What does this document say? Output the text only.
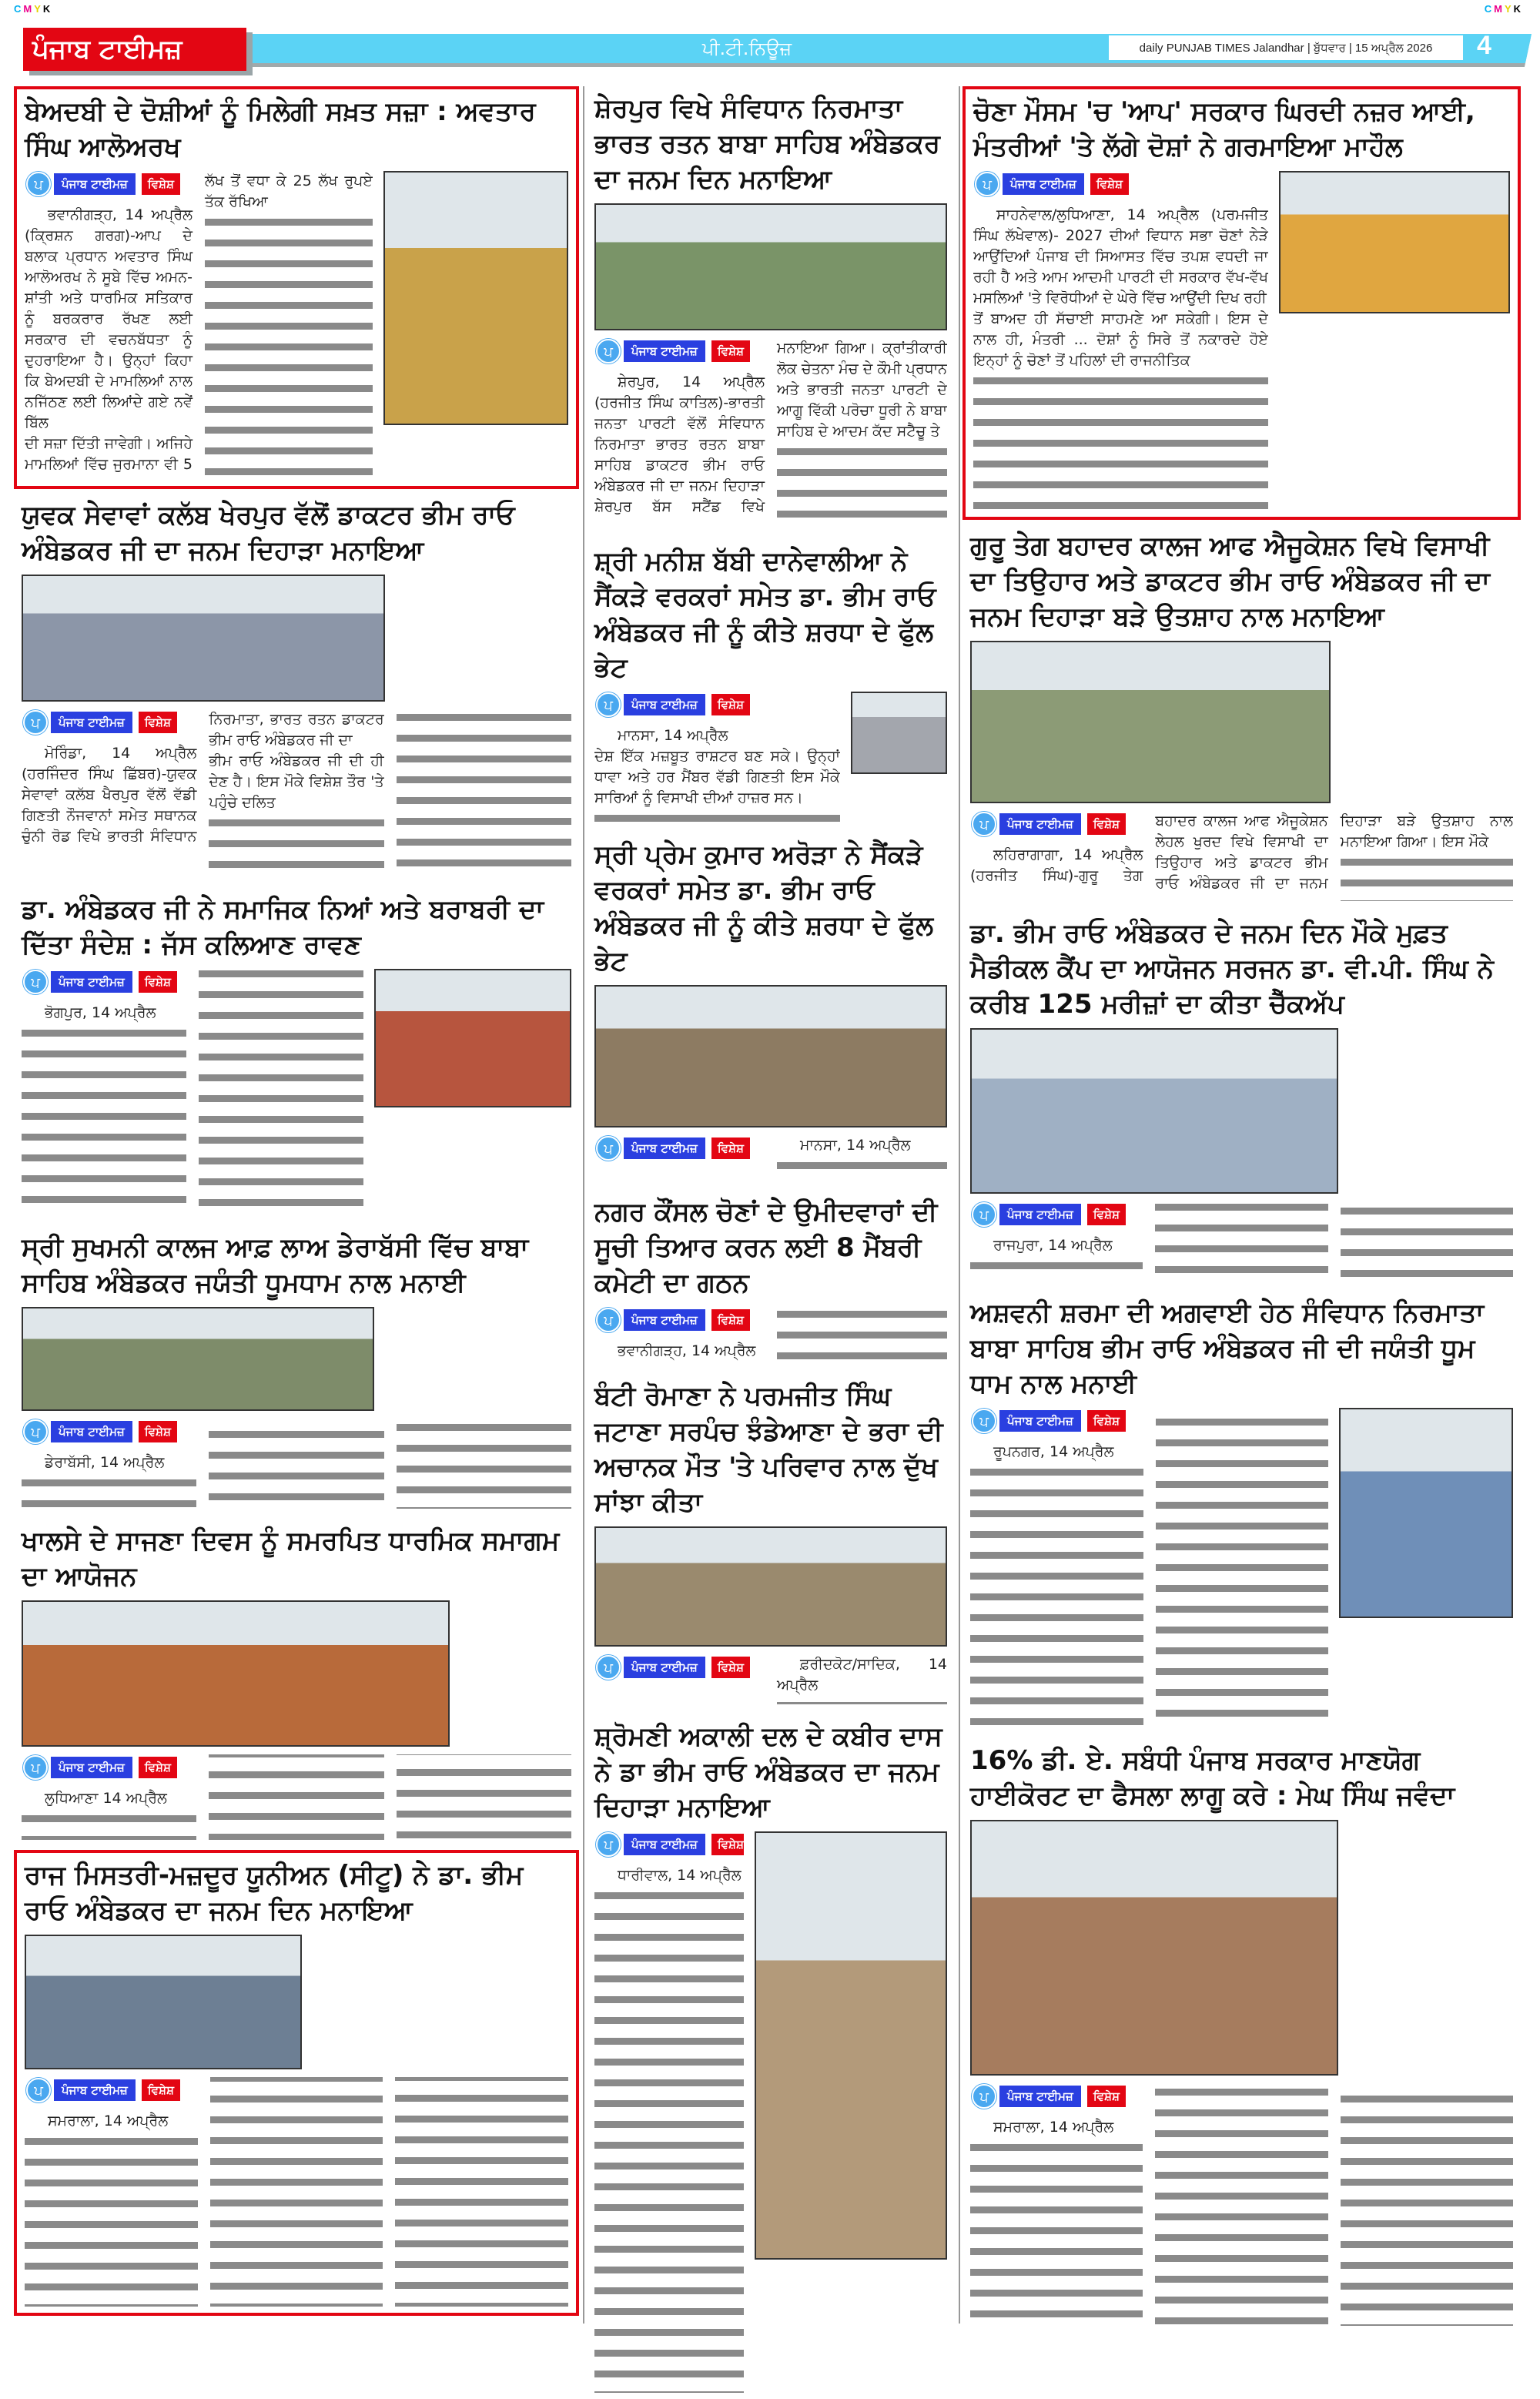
CMYK	CMYK
ਪੰਜਾਬ ਟਾਈਮਜ਼	ਪੀ.ਟੀ.ਨਿਊਜ਼	daily PUNJAB TIMES Jalandhar | ਬੁੱਧਵਾਰ | 15 ਅਪ੍ਰੈਲ 2026	4
ਬੇਅਦਬੀ ਦੇ ਦੋਸ਼ੀਆਂ ਨੂੰ ਮਿਲੇਗੀ ਸਖ਼ਤ ਸਜ਼ਾ : ਅਵਤਾਰ ਸਿੰਘ ਆਲੋਅਰਖ
ਪ	ਪੰਜਾਬ ਟਾਈਮਜ਼	ਵਿਸ਼ੇਸ਼

ਭਵਾਨੀਗੜ੍ਹ, 14 ਅਪ੍ਰੈਲ (ਕ੍ਰਿਸ਼ਨ ਗਰਗ)-ਆਪ ਦੇ ਬਲਾਕ ਪ੍ਰਧਾਨ ਅਵਤਾਰ ਸਿੰਘ ਆਲੋਅਰਖ ਨੇ ਸੂਬੇ ਵਿੱਚ ਅਮਨ-ਸ਼ਾਂਤੀ ਅਤੇ ਧਾਰਮਿਕ ਸਤਿਕਾਰ ਨੂੰ ਬਰਕਰਾਰ ਰੱਖਣ ਲਈ ਸਰਕਾਰ ਦੀ ਵਚਨਬੱਧਤਾ ਨੂੰ ਦੁਹਰਾਇਆ ਹੈ। ਉਨ੍ਹਾਂ ਕਿਹਾ ਕਿ ਬੇਅਦਬੀ ਦੇ ਮਾਮਲਿਆਂ ਨਾਲ ਨਜਿੱਠਣ ਲਈ ਲਿਆਂਦੇ ਗਏ ਨਵੇਂ ਬਿੱਲ

ਦੀ ਸਜ਼ਾ ਦਿੱਤੀ ਜਾਵੇਗੀ। ਅਜਿਹੇ ਮਾਮਲਿਆਂ ਵਿੱਚ ਜੁਰਮਾਨਾ ਵੀ 5 ਲੱਖ ਤੋਂ ਵਧਾ ਕੇ 25 ਲੱਖ ਰੁਪਏ ਤੱਕ ਰੱਖਿਆ

ਯੁਵਕ ਸੇਵਾਵਾਂ ਕਲੱਬ ਖੇਰਪੁਰ ਵੱਲੋਂ ਡਾਕਟਰ ਭੀਮ ਰਾਓ ਅੰਬੇਡਕਰ ਜੀ ਦਾ ਜਨਮ ਦਿਹਾੜਾ ਮਨਾਇਆ
ਪ	ਪੰਜਾਬ ਟਾਈਮਜ਼	ਵਿਸ਼ੇਸ਼

ਮੋਰਿੰਡਾ, 14 ਅਪ੍ਰੈਲ (ਹਰਜਿੰਦਰ ਸਿੰਘ ਛਿੱਬਰ)-ਯੁਵਕ ਸੇਵਾਵਾਂ ਕਲੱਬ ਖੈਰਪੁਰ ਵੱਲੋਂ ਵੱਡੀ ਗਿਣਤੀ ਨੌਜਵਾਨਾਂ ਸਮੇਤ ਸਥਾਨਕ ਚੁੰਨੀ ਰੋਡ ਵਿਖੇ ਭਾਰਤੀ ਸੰਵਿਧਾਨ ਨਿਰਮਾਤਾ, ਭਾਰਤ ਰਤਨ ਡਾਕਟਰ ਭੀਮ ਰਾਓ ਅੰਬੇਡਕਰ ਜੀ ਦਾ

ਭੀਮ ਰਾਓ ਅੰਬੇਡਕਰ ਜੀ ਦੀ ਹੀ ਦੇਣ ਹੈ। ਇਸ ਮੌਕੇ ਵਿਸ਼ੇਸ਼ ਤੌਰ 'ਤੇ ਪਹੁੰਚੇ ਦਲਿਤ

ਡਾ. ਅੰਬੇਡਕਰ ਜੀ ਨੇ ਸਮਾਜਿਕ ਨਿਆਂ ਅਤੇ ਬਰਾਬਰੀ ਦਾ ਦਿੱਤਾ ਸੰਦੇਸ਼ : ਜੱਸ ਕਲਿਆਣ ਰਾਵਣ
ਪ	ਪੰਜਾਬ ਟਾਈਮਜ਼	ਵਿਸ਼ੇਸ਼

ਭੋਗਪੁਰ, 14 ਅਪ੍ਰੈਲ

ਸ੍ਰੀ ਸੁਖਮਨੀ ਕਾਲਜ ਆਫ਼ ਲਾਅ ਡੇਰਾਬੱਸੀ ਵਿੱਚ ਬਾਬਾ ਸਾਹਿਬ ਅੰਬੇਡਕਰ ਜਯੰਤੀ ਧੂਮਧਾਮ ਨਾਲ ਮਨਾਈ
ਪ	ਪੰਜਾਬ ਟਾਈਮਜ਼	ਵਿਸ਼ੇਸ਼

ਡੇਰਾਬੱਸੀ, 14 ਅਪ੍ਰੈਲ

ਖਾਲਸੇ ਦੇ ਸਾਜਣਾ ਦਿਵਸ ਨੂੰ ਸਮਰਪਿਤ ਧਾਰਮਿਕ ਸਮਾਗਮ ਦਾ ਆਯੋਜਨ
ਪ	ਪੰਜਾਬ ਟਾਈਮਜ਼	ਵਿਸ਼ੇਸ਼

ਲੁਧਿਆਣਾ 14 ਅਪ੍ਰੈਲ

ਰਾਜ ਮਿਸਤਰੀ-ਮਜ਼ਦੂਰ ਯੂਨੀਅਨ (ਸੀਟੂ) ਨੇ ਡਾ. ਭੀਮ ਰਾਓ ਅੰਬੇਡਕਰ ਦਾ ਜਨਮ ਦਿਨ ਮਨਾਇਆ
ਪ	ਪੰਜਾਬ ਟਾਈਮਜ਼	ਵਿਸ਼ੇਸ਼

ਸਮਰਾਲਾ, 14 ਅਪ੍ਰੈਲ

ਸ਼ੇਰਪੁਰ ਵਿਖੇ ਸੰਵਿਧਾਨ ਨਿਰਮਾਤਾ ਭਾਰਤ ਰਤਨ ਬਾਬਾ ਸਾਹਿਬ ਅੰਬੇਡਕਰ ਦਾ ਜਨਮ ਦਿਨ ਮਨਾਇਆ
ਪ	ਪੰਜਾਬ ਟਾਈਮਜ਼	ਵਿਸ਼ੇਸ਼

ਸ਼ੇਰਪੁਰ, 14 ਅਪ੍ਰੈਲ (ਹਰਜੀਤ ਸਿੰਘ ਕਾਤਿਲ)-ਭਾਰਤੀ ਜਨਤਾ ਪਾਰਟੀ ਵੱਲੋਂ ਸੰਵਿਧਾਨ ਨਿਰਮਾਤਾ ਭਾਰਤ ਰਤਨ ਬਾਬਾ ਸਾਹਿਬ ਡਾਕਟਰ ਭੀਮ ਰਾਓ ਅੰਬੇਡਕਰ ਜੀ ਦਾ ਜਨਮ ਦਿਹਾੜਾ ਸ਼ੇਰਪੁਰ ਬੱਸ ਸਟੈਂਡ ਵਿਖੇ ਮਨਾਇਆ ਗਿਆ। ਕ੍ਰਾਂਤੀਕਾਰੀ ਲੋਕ ਚੇਤਨਾ ਮੰਚ ਦੇ ਕੌਮੀ ਪ੍ਰਧਾਨ ਅਤੇ ਭਾਰਤੀ ਜਨਤਾ ਪਾਰਟੀ ਦੇ ਆਗੂ ਵਿੱਕੀ ਪਰੋਚਾ ਧੂਰੀ ਨੇ ਬਾਬਾ ਸਾਹਿਬ ਦੇ ਆਦਮ ਕੱਦ ਸਟੈਚੂ ਤੇ

ਸ਼੍ਰੀ ਮਨੀਸ਼ ਬੱਬੀ ਦਾਨੇਵਾਲੀਆ ਨੇ ਸੈਂਕੜੇ ਵਰਕਰਾਂ ਸਮੇਤ ਡਾ. ਭੀਮ ਰਾਓ ਅੰਬੇਡਕਰ ਜੀ ਨੂੰ ਕੀਤੇ ਸ਼ਰਧਾ ਦੇ ਫੁੱਲ ਭੇਟ
ਪ	ਪੰਜਾਬ ਟਾਈਮਜ਼	ਵਿਸ਼ੇਸ਼

ਮਾਨਸਾ, 14 ਅਪ੍ਰੈਲ

ਦੇਸ਼ ਇੱਕ ਮਜ਼ਬੂਤ ਰਾਸ਼ਟਰ ਬਣ ਸਕੇ। ਉਨ੍ਹਾਂ ਧਾਵਾ ਅਤੇ ਹਰ ਮੈਂਬਰ ਵੱਡੀ ਗਿਣਤੀ ਇਸ ਮੌਕੇ ਸਾਰਿਆਂ ਨੂੰ ਵਿਸਾਖੀ ਦੀਆਂ ਹਾਜ਼ਰ ਸਨ।

ਸ੍ਰੀ ਪ੍ਰੇਮ ਕੁਮਾਰ ਅਰੋੜਾ ਨੇ ਸੈਂਕੜੇ ਵਰਕਰਾਂ ਸਮੇਤ ਡਾ. ਭੀਮ ਰਾਓ ਅੰਬੇਡਕਰ ਜੀ ਨੂੰ ਕੀਤੇ ਸ਼ਰਧਾ ਦੇ ਫੁੱਲ ਭੇਟ
ਪ	ਪੰਜਾਬ ਟਾਈਮਜ਼	ਵਿਸ਼ੇਸ਼	ਮਾਨਸਾ, 14 ਅਪ੍ਰੈਲ

ਨਗਰ ਕੌਂਸਲ ਚੋਣਾਂ ਦੇ ਉਮੀਦਵਾਰਾਂ ਦੀ ਸੂਚੀ ਤਿਆਰ ਕਰਨ ਲਈ 8 ਮੈਂਬਰੀ ਕਮੇਟੀ ਦਾ ਗਠਨ
ਪ	ਪੰਜਾਬ ਟਾਈਮਜ਼	ਵਿਸ਼ੇਸ਼

ਭਵਾਨੀਗੜ੍ਹ, 14 ਅਪ੍ਰੈਲ

ਬੰਟੀ ਰੋਮਾਣਾ ਨੇ ਪਰਮਜੀਤ ਸਿੰਘ ਜਟਾਣਾ ਸਰਪੰਚ ਝੰਡੇਆਣਾ ਦੇ ਭਰਾ ਦੀ ਅਚਾਨਕ ਮੌਤ 'ਤੇ ਪਰਿਵਾਰ ਨਾਲ ਦੁੱਖ ਸਾਂਝਾ ਕੀਤਾ
ਪ	ਪੰਜਾਬ ਟਾਈਮਜ਼	ਵਿਸ਼ੇਸ਼	ਫ਼ਰੀਦਕੋਟ/ਸਾਦਿਕ, 14 ਅਪ੍ਰੈਲ

ਸ਼੍ਰੋਮਣੀ ਅਕਾਲੀ ਦਲ ਦੇ ਕਬੀਰ ਦਾਸ ਨੇ ਡਾ ਭੀਮ ਰਾਓ ਅੰਬੇਡਕਰ ਦਾ ਜਨਮ ਦਿਹਾੜਾ ਮਨਾਇਆ
ਪ	ਪੰਜਾਬ ਟਾਈਮਜ਼	ਵਿਸ਼ੇਸ਼

ਧਾਰੀਵਾਲ, 14 ਅਪ੍ਰੈਲ

ਚੋਣਾ ਮੌਸਮ 'ਚ 'ਆਪ' ਸਰਕਾਰ ਘਿਰਦੀ ਨਜ਼ਰ ਆਈ, ਮੰਤਰੀਆਂ 'ਤੇ ਲੱਗੇ ਦੋਸ਼ਾਂ ਨੇ ਗਰਮਾਇਆ ਮਾਹੌਲ
ਪ	ਪੰਜਾਬ ਟਾਈਮਜ਼	ਵਿਸ਼ੇਸ਼

ਸਾਹਨੇਵਾਲ/ਲੁਧਿਆਣਾ, 14 ਅਪ੍ਰੈਲ (ਪਰਮਜੀਤ ਸਿੰਘ ਲੱਖੇਵਾਲ)- 2027 ਦੀਆਂ ਵਿਧਾਨ ਸਭਾ ਚੋਣਾਂ ਨੇੜੇ ਆਉਂਦਿਆਂ ਪੰਜਾਬ ਦੀ ਸਿਆਸਤ ਵਿੱਚ ਤਪਸ਼ ਵਧਦੀ ਜਾ ਰਹੀ ਹੈ ਅਤੇ ਆਮ ਆਦਮੀ ਪਾਰਟੀ ਦੀ ਸਰਕਾਰ ਵੱਖ-ਵੱਖ ਮਸਲਿਆਂ 'ਤੇ ਵਿਰੋਧੀਆਂ ਦੇ ਘੇਰੇ ਵਿੱਚ ਆਉਂਦੀ ਦਿਖ ਰਹੀ

ਤੋਂ ਬਾਅਦ ਹੀ ਸੱਚਾਈ ਸਾਹਮਣੇ ਆ ਸਕੇਗੀ। ਇਸ ਦੇ ਨਾਲ ਹੀ, ਮੰਤਰੀ ... ਦੋਸ਼ਾਂ ਨੂੰ ਸਿਰੇ ਤੋਂ ਨਕਾਰਦੇ ਹੋਏ ਇਨ੍ਹਾਂ ਨੂੰ ਚੋਣਾਂ ਤੋਂ ਪਹਿਲਾਂ ਦੀ ਰਾਜਨੀਤਿਕ

ਗੁਰੂ ਤੇਗ ਬਹਾਦਰ ਕਾਲਜ ਆਫ ਐਜੂਕੇਸ਼ਨ ਵਿਖੇ ਵਿਸਾਖੀ ਦਾ ਤਿਉਹਾਰ ਅਤੇ ਡਾਕਟਰ ਭੀਮ ਰਾਓ ਅੰਬੇਡਕਰ ਜੀ ਦਾ ਜਨਮ ਦਿਹਾੜਾ ਬੜੇ ਉਤਸ਼ਾਹ ਨਾਲ ਮਨਾਇਆ
ਪ	ਪੰਜਾਬ ਟਾਈਮਜ਼	ਵਿਸ਼ੇਸ਼

ਲਹਿਰਾਗਾਗਾ, 14 ਅਪ੍ਰੈਲ (ਹਰਜੀਤ ਸਿੰਘ)-ਗੁਰੂ ਤੇਗ ਬਹਾਦਰ ਕਾਲਜ ਆਫ ਐਜੂਕੇਸ਼ਨ ਲੇਹਲ ਖੁਰਦ ਵਿਖੇ ਵਿਸਾਖੀ ਦਾ ਤਿਉਹਾਰ ਅਤੇ ਡਾਕਟਰ ਭੀਮ ਰਾਓ ਅੰਬੇਡਕਰ ਜੀ ਦਾ ਜਨਮ ਦਿਹਾੜਾ ਬੜੇ ਉਤਸ਼ਾਹ ਨਾਲ ਮਨਾਇਆ ਗਿਆ। ਇਸ ਮੌਕੇ

ਡਾ. ਭੀਮ ਰਾਓ ਅੰਬੇਡਕਰ ਦੇ ਜਨਮ ਦਿਨ ਮੌਕੇ ਮੁਫ਼ਤ ਮੈਡੀਕਲ ਕੈਂਪ ਦਾ ਆਯੋਜਨ ਸਰਜਨ ਡਾ. ਵੀ.ਪੀ. ਸਿੰਘ ਨੇ ਕਰੀਬ 125 ਮਰੀਜ਼ਾਂ ਦਾ ਕੀਤਾ ਚੈੱਕਅੱਪ
ਪ	ਪੰਜਾਬ ਟਾਈਮਜ਼	ਵਿਸ਼ੇਸ਼

ਰਾਜਪੁਰਾ, 14 ਅਪ੍ਰੈਲ

ਅਸ਼ਵਨੀ ਸ਼ਰਮਾ ਦੀ ਅਗਵਾਈ ਹੇਠ ਸੰਵਿਧਾਨ ਨਿਰਮਾਤਾ ਬਾਬਾ ਸਾਹਿਬ ਭੀਮ ਰਾਓ ਅੰਬੇਡਕਰ ਜੀ ਦੀ ਜਯੰਤੀ ਧੂਮ ਧਾਮ ਨਾਲ ਮਨਾਈ
ਪ	ਪੰਜਾਬ ਟਾਈਮਜ਼	ਵਿਸ਼ੇਸ਼

ਰੂਪਨਗਰ, 14 ਅਪ੍ਰੈਲ

16% ਡੀ. ਏ. ਸਬੰਧੀ ਪੰਜਾਬ ਸਰਕਾਰ ਮਾਣਯੋਗ ਹਾਈਕੋਰਟ ਦਾ ਫੈਸਲਾ ਲਾਗੂ ਕਰੇ : ਮੇਘ ਸਿੰਘ ਜਵੰਦਾ
ਪ	ਪੰਜਾਬ ਟਾਈਮਜ਼	ਵਿਸ਼ੇਸ਼

ਸਮਰਾਲਾ, 14 ਅਪ੍ਰੈਲ
